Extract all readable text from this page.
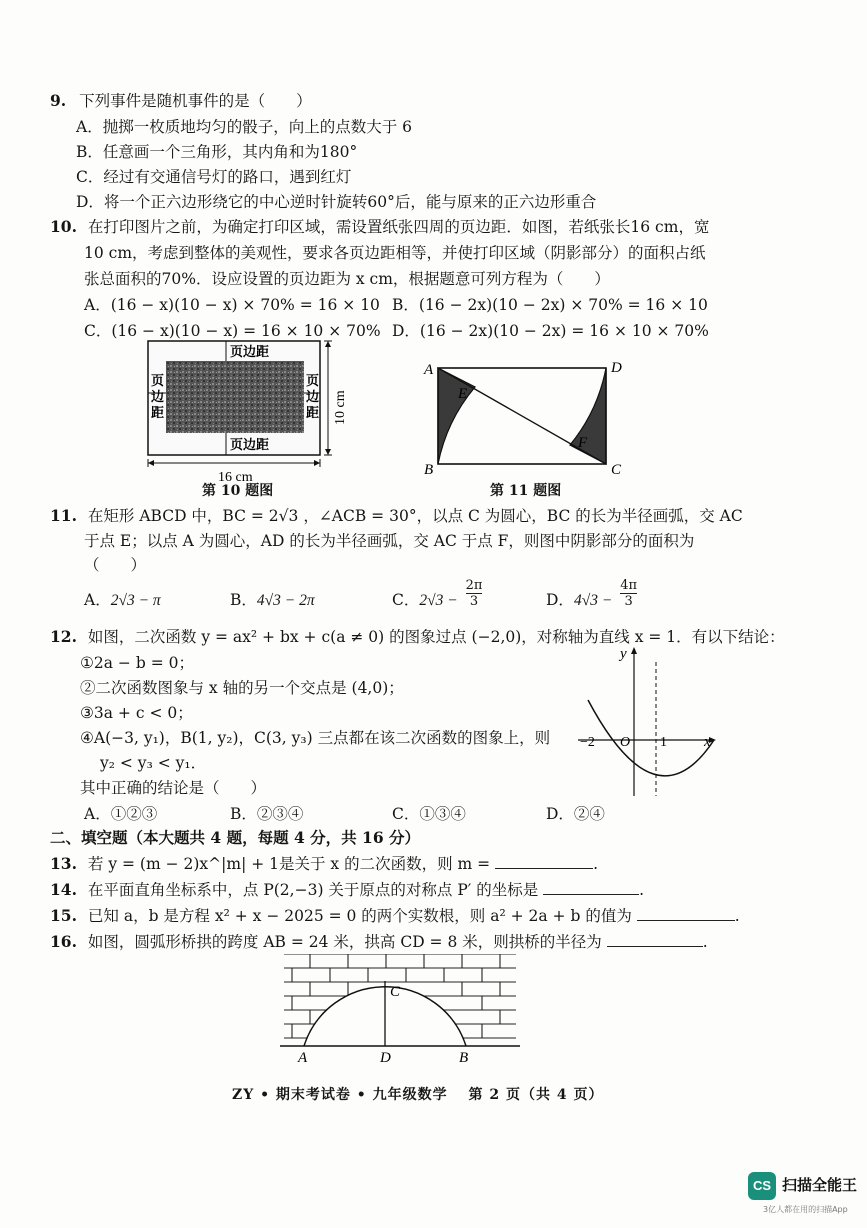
9. 下列事件是随机事件的是（　　）
A．抛掷一枚质地均匀的骰子，向上的点数大于 6
B．任意画一个三角形，其内角和为180°
C．经过有交通信号灯的路口，遇到红灯
D．将一个正六边形绕它的中心逆时针旋转60°后，能与原来的正六边形重合
10. 在打印图片之前，为确定打印区域，需设置纸张四周的页边距．如图，若纸张长16 cm，宽
10 cm，考虑到整体的美观性，要求各页边距相等，并使打印区域（阴影部分）的面积占纸
张总面积的70%．设应设置的页边距为 x cm，根据题意可列方程为（　　）
A．(16 − x)(10 − x) × 70% = 16 × 10 B．(16 − 2x)(10 − 2x) × 70% = 16 × 10
C．(16 − x)(10 − x) = 16 × 10 × 70% D．(16 − 2x)(10 − 2x) = 16 × 10 × 70%
页边距
页边距
页
边
距
页
边
距
16 cm
10 cm
第 10 题图
A
B	C
D
E
F
第 11 题图
11. 在矩形 ABCD 中，BC = 2√3 ，∠ACB = 30°，以点 C 为圆心，BC 的长为半径画弧，交 AC
于点 E；以点 A 为圆心，AD 的长为半径画弧，交 AC 于点 F，则图中阴影部分的面积为
（　　）
A．2√3 − π	B．4√3 − 2π	C．$2√3 - \frac{2\pi}{3}$	D．$4√3 - \frac{4\pi}{3}$
12. 如图，二次函数 y = ax² + bx + c(a ≠ 0) 的图象过点 (−2,0)，对称轴为直线 x = 1．有以下结论：
①2a − b = 0；
②二次函数图象与 x 轴的另一个交点是 (4,0)；
③3a + c < 0；
④A(−3, y₁)，B(1, y₂)，C(3, y₃) 三点都在该二次函数的图象上，则
y₂ < y₃ < y₁．
其中正确的结论是（　　）
A．①②③	B．②③④	C．①③④	D．②④
y
x
O
−2	1
二、填空题（本大题共 4 题，每题 4 分，共 16 分）
13. 若 y = (m − 2)x^|m| + 1是关于 x 的二次函数，则 m =	.
14. 在平面直角坐标系中，点 P(2,−3) 关于原点的对称点 P′ 的坐标是	.
15. 已知 a，b 是方程 x² + x − 2025 = 0 的两个实数根，则 a² + 2a + b 的值为	.
16. 如图，圆弧形桥拱的跨度 AB = 24 米，拱高 CD = 8 米，则拱桥的半径为	.
A	B
C
D
ZY • 期末考试卷 • 九年级数学　 第 2 页（共 4 页）
CS 扫描全能王
3亿人都在用的扫描App
